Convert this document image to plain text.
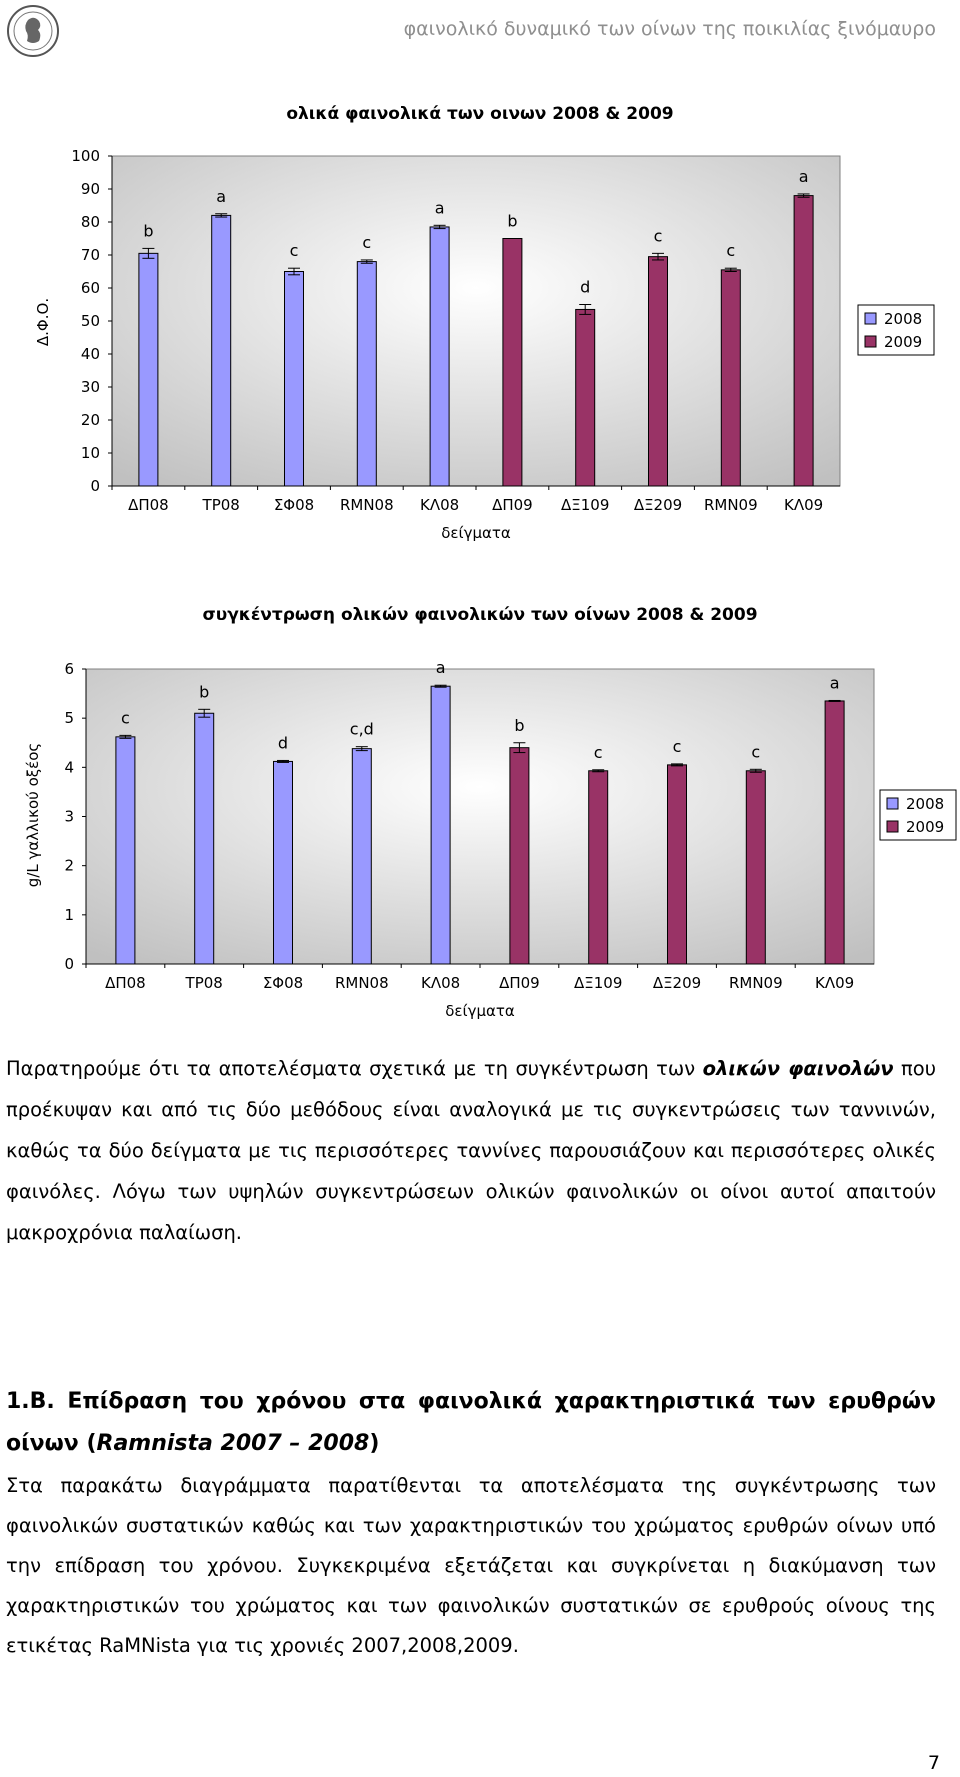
φαινολικό δυναμικό των οίνων της ποικιλίας ξινόμαυρο
ολικά φαινολικά των οινων 2008 & 2009
0
10
20
30
40
50
60
70
80
90
100
Δ.Φ.Ο.
ΔΠ08
b
ΤΡ08
a
ΣΦ08
c
RMN08
c
ΚΛ08
a
ΔΠ09
b
ΔΞ109
d
ΔΞ209
c
RMN09
c
ΚΛ09
a
δείγματα
2008
2009
συγκέντρωση ολικών φαινολικών των οίνων 2008 & 2009
0
1
2
3
4
5
6
g/L γαλλικού οξέος
ΔΠ08
c
ΤΡ08
b
ΣΦ08
d
RMN08
c,d
ΚΛ08
a
ΔΠ09
b
ΔΞ109
c
ΔΞ209
c
RMN09
c
ΚΛ09
a
δείγματα
2008
2009
Παρατηρούμε ότι τα αποτελέσματα σχετικά με τη συγκέντρωση των ολικών φαινολών που προέκυψαν και από τις δύο μεθόδους είναι αναλογικά με τις συγκεντρώσεις των ταννινών, καθώς τα δύο δείγματα με τις περισσότερες ταννίνες παρουσιάζουν και περισσότερες ολικές φαινόλες. Λόγω των υψηλών συγκεντρώσεων ολικών φαινολικών οι οίνοι αυτοί απαιτούν μακροχρόνια παλαίωση.
1.Β. Επίδραση του χρόνου στα φαινολικά χαρακτηριστικά των ερυθρών οίνων (Ramnista 2007 – 2008)
Στα παρακάτω διαγράμματα παρατίθενται τα αποτελέσματα της συγκέντρωσης των φαινολικών συστατικών καθώς και των χαρακτηριστικών του χρώματος ερυθρών οίνων υπό την επίδραση του χρόνου. Συγκεκριμένα εξετάζεται και συγκρίνεται η διακύμανση των χαρακτηριστικών του χρώματος και των φαινολικών συστατικών σε ερυθρούς οίνους της ετικέτας RaMNista για τις χρονιές 2007,2008,2009.
7
